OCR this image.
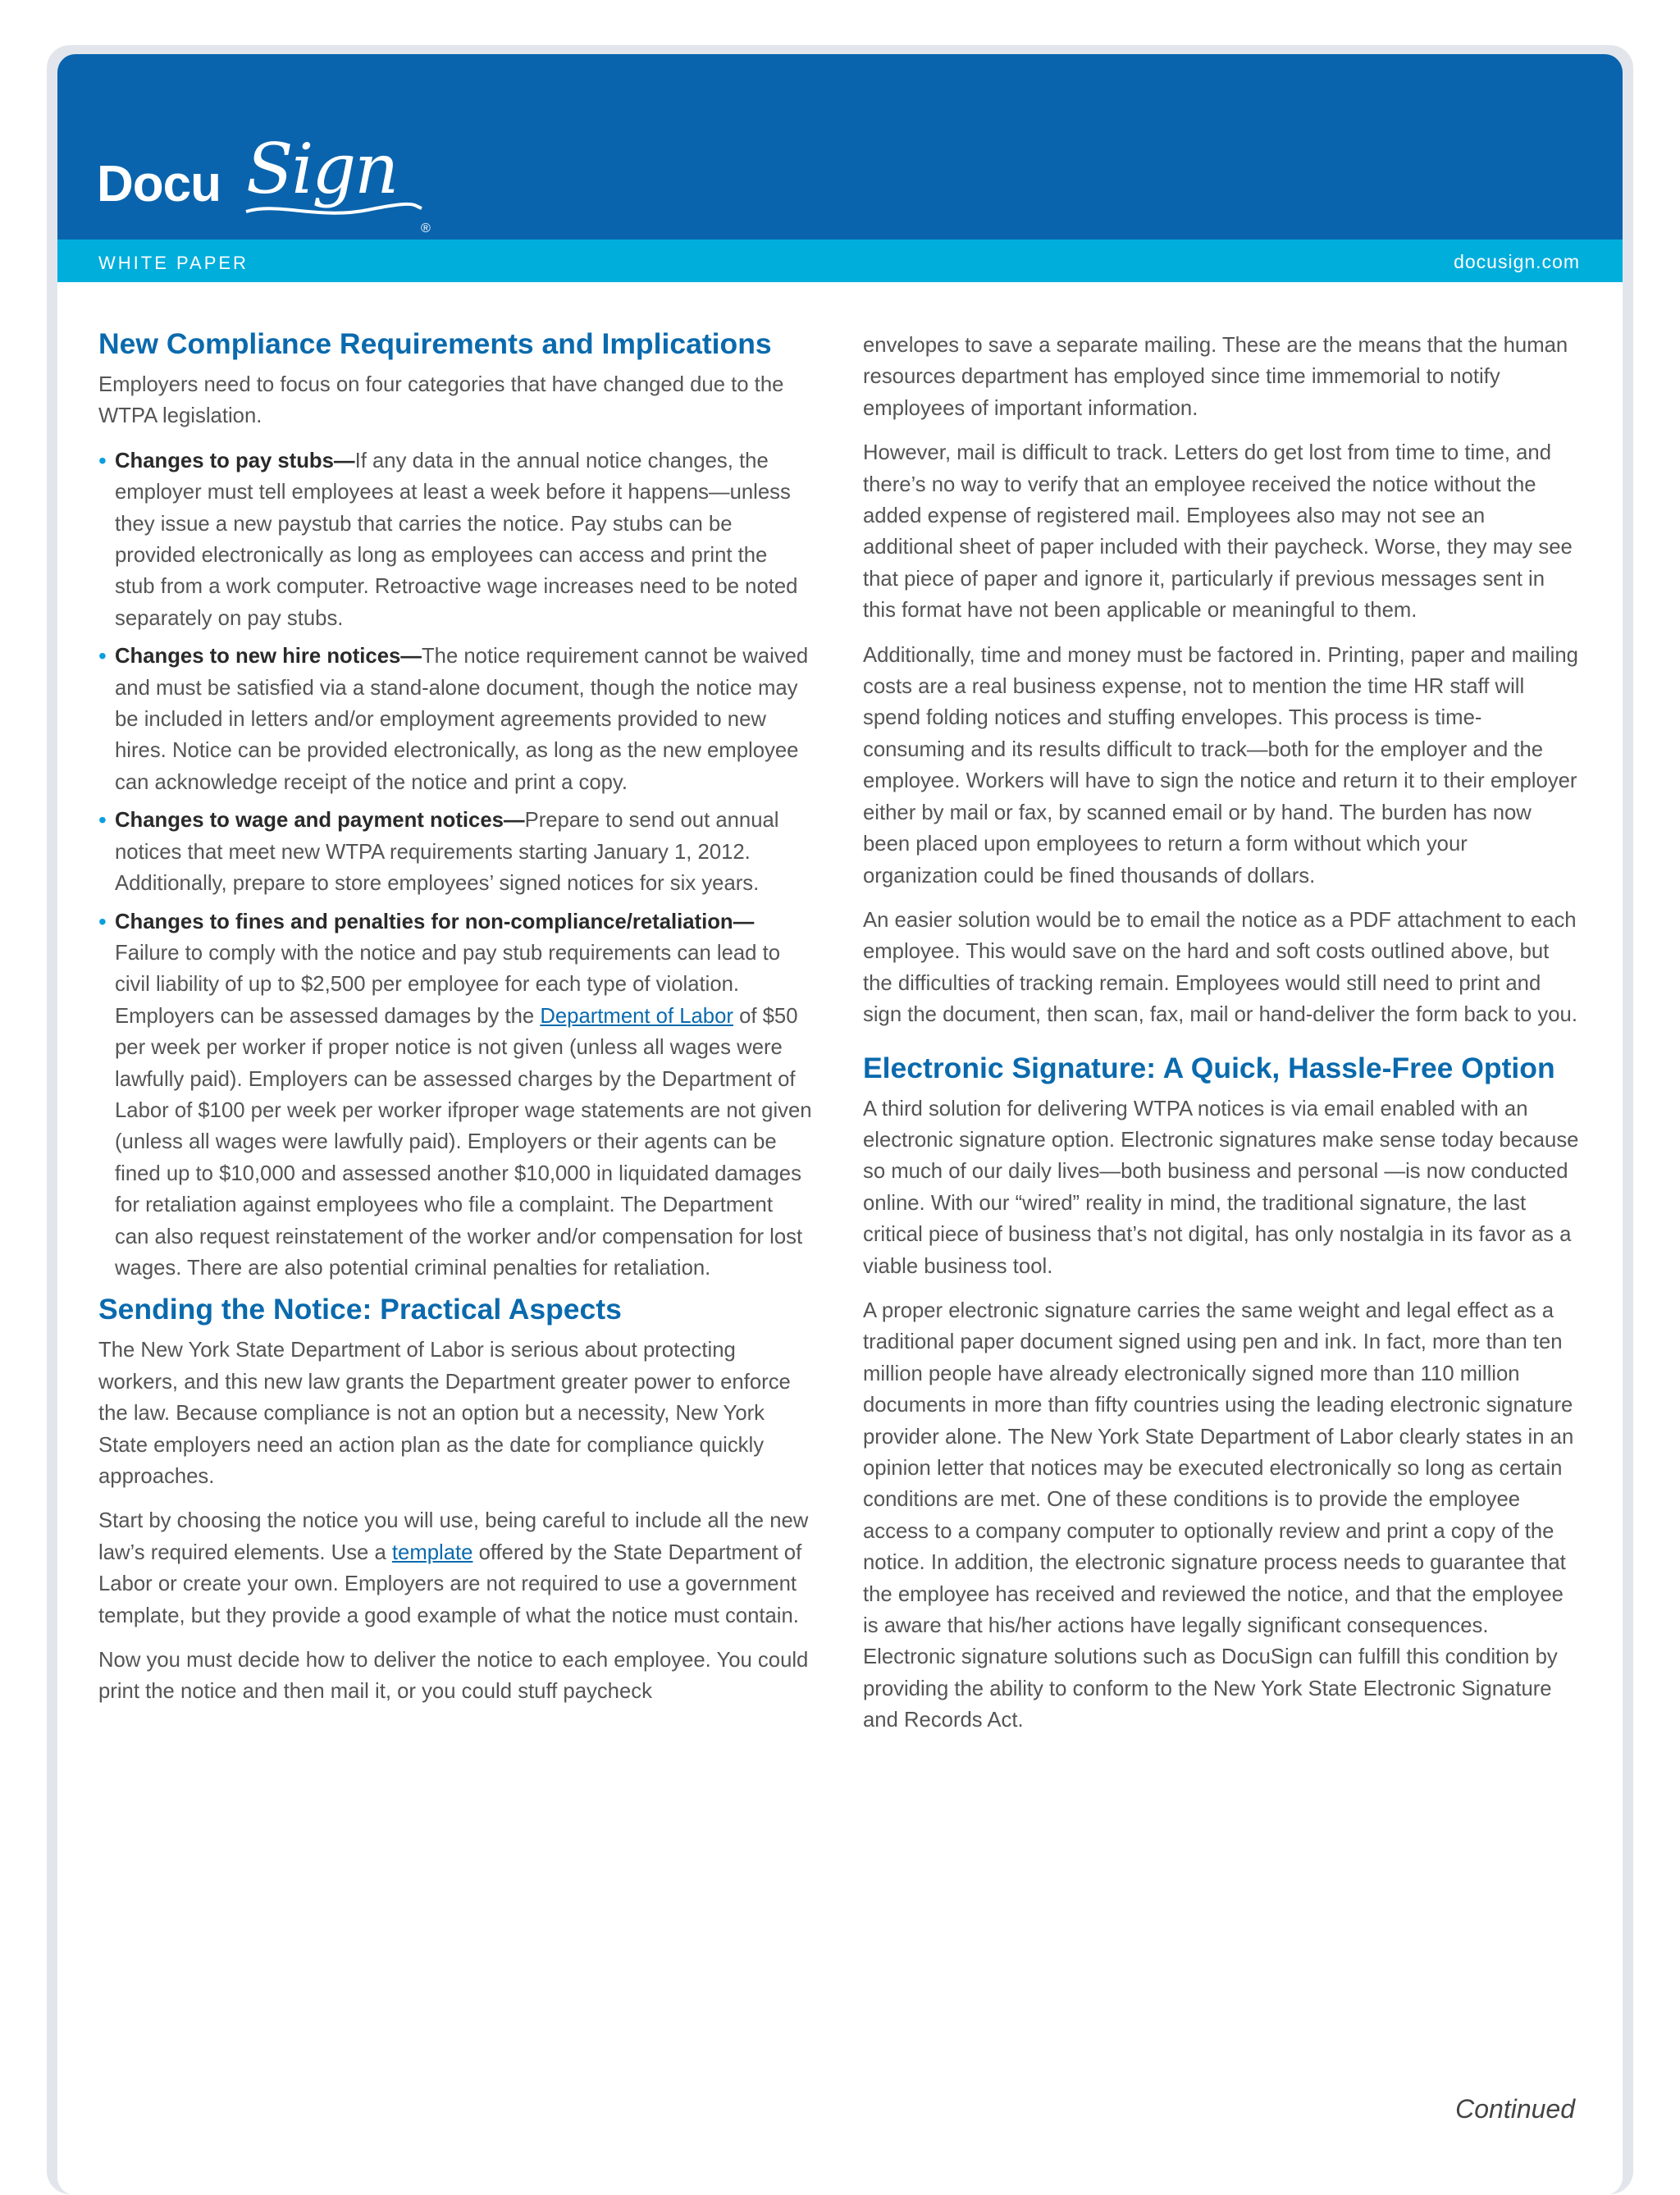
Docu Sign
®
WHITE PAPER	docusign.com
New Compliance Requirements and Implications

Employers need to focus on four categories that have changed due to the WTPA legislation.

• Changes to pay stubs—If any data in the annual notice changes, the employer must tell employees at least a week before it happens—unless they issue a new paystub that carries the notice. Pay stubs can be provided electronically as long as employees can access and print the stub from a work computer. Retroactive wage increases need to be noted separately on pay stubs.
• Changes to new hire notices—The notice requirement cannot be waived and must be satisfied via a stand-alone document, though the notice may be included in letters and/or employment agreements provided to new hires. Notice can be provided electronically, as long as the new employee can acknowledge receipt of the notice and print a copy.
• Changes to wage and payment notices—Prepare to send out annual notices that meet new WTPA requirements starting January 1, 2012. Additionally, prepare to store employees’ signed notices for six years.
• Changes to fines and penalties for non-compliance/retaliation—Failure to comply with the notice and pay stub requirements can lead to civil liability of up to $2,500 per employee for each type of violation. Employers can be assessed damages by the Department of Labor of $50 per week per worker if proper notice is not given (unless all wages were lawfully paid). Employers can be assessed charges by the Department of Labor of $100 per week per worker ifproper wage statements are not given (unless all wages were lawfully paid). Employers or their agents can be fined up to $10,000 and assessed another $10,000 in liquidated damages for retaliation against employees who file a complaint. The Department can also request reinstatement of the worker and/or compensation for lost wages. There are also potential criminal penalties for retaliation.
Sending the Notice: Practical Aspects

The New York State Department of Labor is serious about protecting workers, and this new law grants the Department greater power to enforce the law. Because compliance is not an option but a necessity, New York State employers need an action plan as the date for compliance quickly approaches.

Start by choosing the notice you will use, being careful to include all the new law’s required elements. Use a template offered by the State Department of Labor or create your own. Employers are not required to use a government template, but they provide a good example of what the notice must contain.

Now you must decide how to deliver the notice to each employee. You could print the notice and then mail it, or you could stuff paycheck

envelopes to save a separate mailing. These are the means that the human resources department has employed since time immemorial to notify employees of important information.

However, mail is difficult to track. Letters do get lost from time to time, and there’s no way to verify that an employee received the notice without the added expense of registered mail. Employees also may not see an additional sheet of paper included with their paycheck. Worse, they may see that piece of paper and ignore it, particularly if previous messages sent in this format have not been applicable or meaningful to them.

Additionally, time and money must be factored in. Printing, paper and mailing costs are a real business expense, not to mention the time HR staff will spend folding notices and stuffing envelopes. This process is time-consuming and its results difficult to track—both for the employer and the employee. Workers will have to sign the notice and return it to their employer either by mail or fax, by scanned email or by hand. The burden has now been placed upon employees to return a form without which your organization could be fined thousands of dollars.

An easier solution would be to email the notice as a PDF attachment to each employee. This would save on the hard and soft costs outlined above, but the difficulties of tracking remain. Employees would still need to print and sign the document, then scan, fax, mail or hand-deliver the form back to you.

Electronic Signature: A Quick, Hassle-Free Option

A third solution for delivering WTPA notices is via email enabled with an electronic signature option. Electronic signatures make sense today because so much of our daily lives—both business and personal —is now conducted online. With our “wired” reality in mind, the traditional signature, the last critical piece of business that’s not digital, has only nostalgia in its favor as a viable business tool.

A proper electronic signature carries the same weight and legal effect as a traditional paper document signed using pen and ink. In fact, more than ten million people have already electronically signed more than 110 million documents in more than fifty countries using the leading electronic signature provider alone. The New York State Department of Labor clearly states in an opinion letter that notices may be executed electronically so long as certain conditions are met. One of these conditions is to provide the employee access to a company computer to optionally review and print a copy of the notice. In addition, the electronic signature process needs to guarantee that the employee has received and reviewed the notice, and that the employee is aware that his/her actions have legally significant consequences. Electronic signature solutions such as DocuSign can fulfill this condition by providing the ability to conform to the New York State Electronic Signature and Records Act.

Continued
